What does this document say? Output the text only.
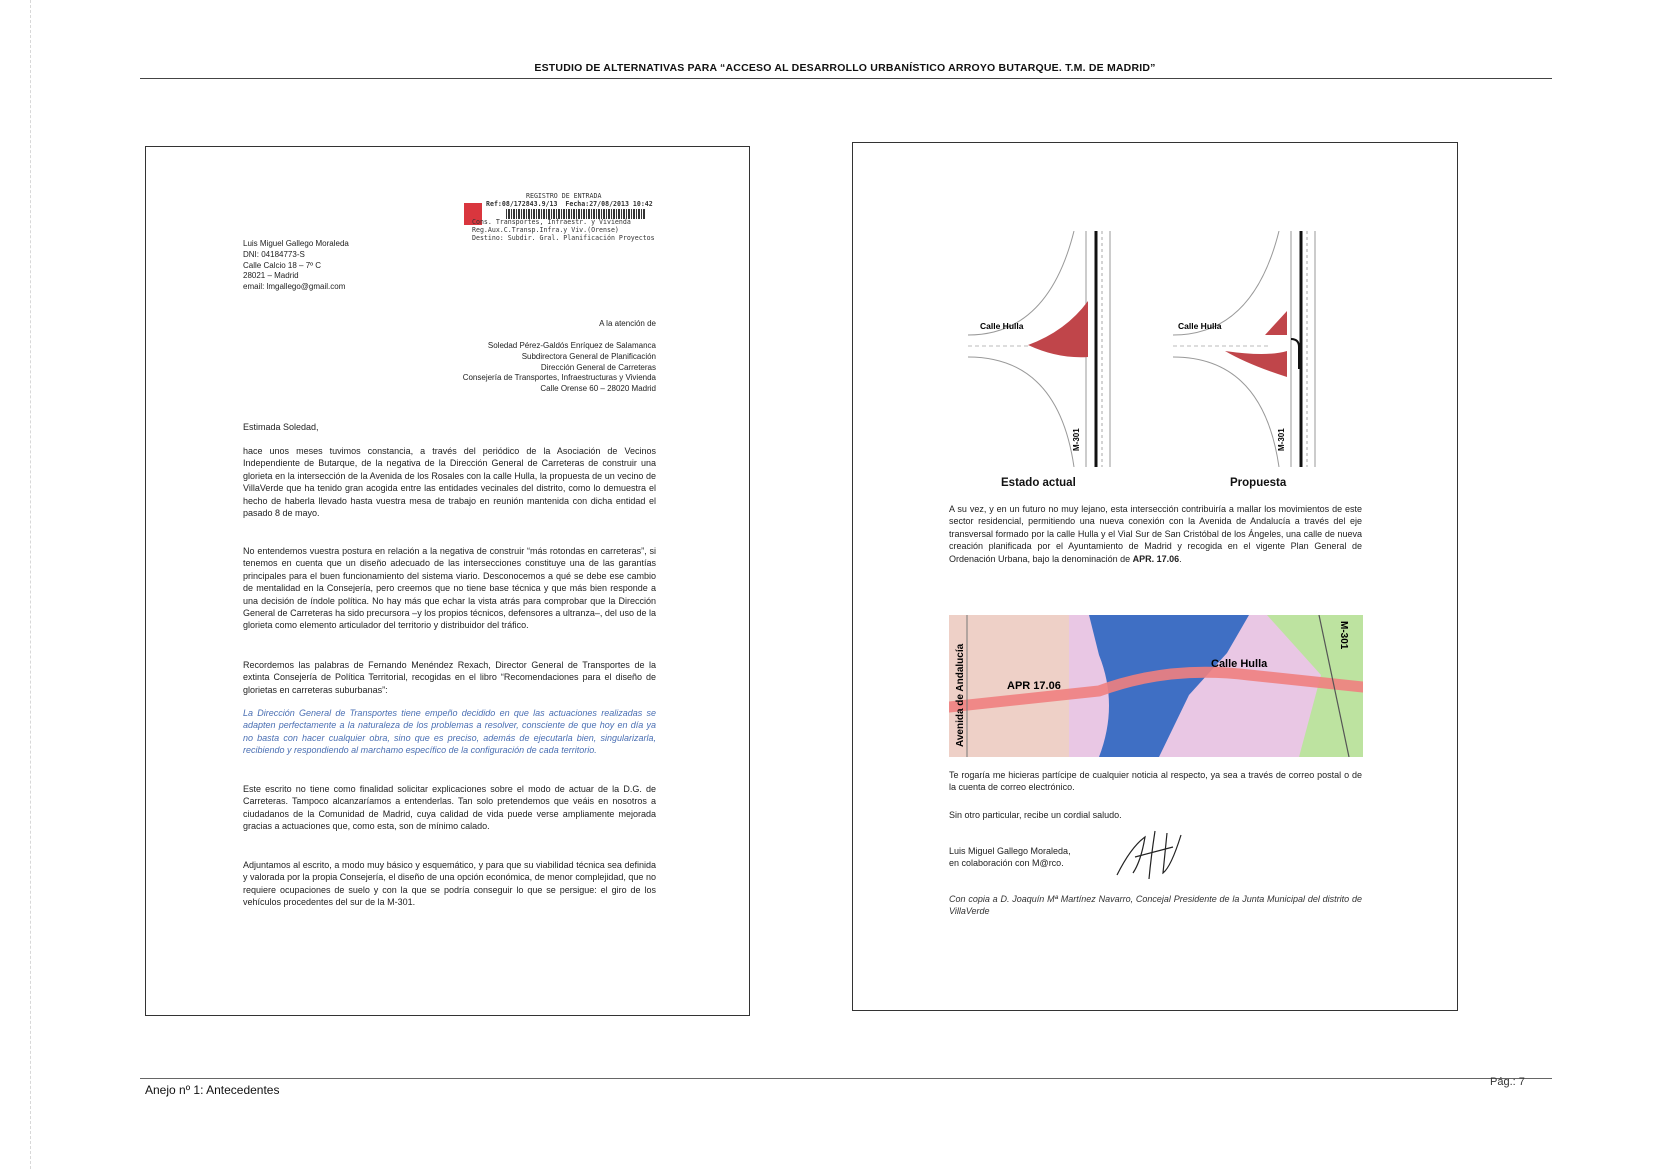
ESTUDIO DE ALTERNATIVAS PARA “ACCESO AL DESARROLLO URBANÍSTICO ARROYO BUTARQUE. T.M. DE MADRID”
REGISTRO DE ENTRADA
Ref:08/172843.9/13  Fecha:27/08/2013 10:42
Cons. Transportes, Infraestr. y Vivienda
Reg.Aux.C.Transp.Infra.y Viv.(Orense)
Destino: Subdir. Gral. Planificación Proyectos
Luis Miguel Gallego Moraleda
DNI: 04184773-S
Calle Calcio 18 – 7º C
28021 – Madrid
email: lmgallego@gmail.com
A la atención de
Soledad Pérez-Galdós Enríquez de Salamanca
Subdirectora General de Planificación
Dirección General de Carreteras
Consejería de Transportes, Infraestructuras y Vivienda
Calle Orense 60 – 28020 Madrid
Estimada Soledad,
hace unos meses tuvimos constancia, a través del periódico de la Asociación de Vecinos Independiente de Butarque, de la negativa de la Dirección General de Carreteras de construir una glorieta en la intersección de la Avenida de los Rosales con la calle Hulla, la propuesta de un vecino de VillaVerde que ha tenido gran acogida entre las entidades vecinales del distrito, como lo demuestra el hecho de haberla llevado hasta vuestra mesa de trabajo en reunión mantenida con dicha entidad el pasado 8 de mayo.
No entendemos vuestra postura en relación a la negativa de construir “más rotondas en carreteras”, si tenemos en cuenta que un diseño adecuado de las intersecciones constituye una de las garantías principales para el buen funcionamiento del sistema viario. Desconocemos a qué se debe ese cambio de mentalidad en la Consejería, pero creemos que no tiene base técnica y que más bien responde a una decisión de índole política. No hay más que echar la vista atrás para comprobar que la Dirección General de Carreteras ha sido precursora –y los propios técnicos, defensores a ultranza–, del uso de la glorieta como elemento articulador del territorio y distribuidor del tráfico.
Recordemos las palabras de Fernando Menéndez Rexach, Director General de Transportes de la extinta Consejería de Política Territorial, recogidas en el libro “Recomendaciones para el diseño de glorietas en carreteras suburbanas”:
La Dirección General de Transportes tiene empeño decidido en que las actuaciones realizadas se adapten perfectamente a la naturaleza de los problemas a resolver, consciente de que hoy en día ya no basta con hacer cualquier obra, sino que es preciso, además de ejecutarla bien, singularizarla, recibiendo y respondiendo al marchamo específico de la configuración de cada territorio.
Este escrito no tiene como finalidad solicitar explicaciones sobre el modo de actuar de la D.G. de Carreteras. Tampoco alcanzaríamos a entenderlas. Tan solo pretendemos que veáis en nosotros a ciudadanos de la Comunidad de Madrid, cuya calidad de vida puede verse ampliamente mejorada gracias a actuaciones que, como esta, son de mínimo calado.
Adjuntamos al escrito, a modo muy básico y esquemático, y para que su viabilidad técnica sea definida y valorada por la propia Consejería, el diseño de una opción económica, de menor complejidad, que no requiere ocupaciones de suelo y con la que se podría conseguir lo que se persigue: el giro de los vehículos procedentes del sur de la M-301.
Calle Hulla
M-301
Calle Hulla
M-301
Estado actual	Propuesta
A su vez, y en un futuro no muy lejano, esta intersección contribuiría a mallar los movimientos de este sector residencial, permitiendo una nueva conexión con la Avenida de Andalucía a través del eje transversal formado por la calle Hulla y el Vial Sur de San Cristóbal de los Ángeles, una calle de nueva creación planificada por el Ayuntamiento de Madrid y recogida en el vigente Plan General de Ordenación Urbana, bajo la denominación de APR. 17.06.
Avenida de Andalucía	Calle Hulla
APR 17.06
M-301
Te rogaría me hicieras partícipe de cualquier noticia al respecto, ya sea a través de correo postal o de la cuenta de correo electrónico.
Sin otro particular, recibe un cordial saludo.
Luis Miguel Gallego Moraleda,
en colaboración con M@rco.
Con copia a D. Joaquín Mª Martínez Navarro, Concejal Presidente de la Junta Municipal del distrito de VillaVerde
Anejo nº 1: Antecedentes
Pág.: 7
